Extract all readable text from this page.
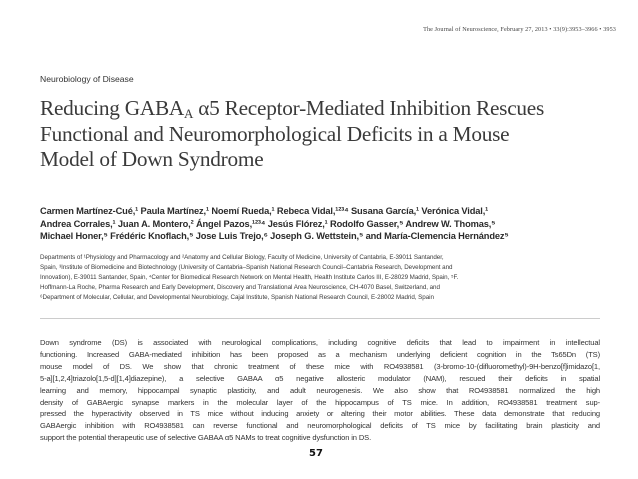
The Journal of Neuroscience, February 27, 2013 • 33(9):3953–3966 • 3953
Neurobiology of Disease
Reducing $GABA_A$ α5 Receptor-Mediated Inhibition Rescues
Functional and Neuromorphological Deficits in a Mouse
Model of Down Syndrome
Carmen Martínez-Cué,¹ Paula Martínez,¹ Noemí Rueda,¹ Rebeca Vidal,¹²³⁴ Susana García,¹ Verónica Vidal,¹
Andrea Corrales,¹ Juan A. Montero,² Ángel Pazos,¹²³⁴ Jesús Flórez,¹ Rodolfo Gasser,⁵ Andrew W. Thomas,⁵
Michael Honer,⁵ Frédéric Knoflach,⁵ Jose Luis Trejo,⁶ Joseph G. Wettstein,⁵ and María-Clemencia Hernández⁵
Departments of ¹Physiology and Pharmacology and ²Anatomy and Cellular Biology, Faculty of Medicine, University of Cantabria, E-39011 Santander,
Spain, ³Institute of Biomedicine and Biotechnology (University of Cantabria–Spanish National Research Council–Cantabria Research, Development and
Innovation), E-39011 Santander, Spain, ⁴Center for Biomedical Research Network on Mental Health, Health Institute Carlos III, E-28029 Madrid, Spain, ⁵F.
Hoffmann-La Roche, Pharma Research and Early Development, Discovery and Translational Area Neuroscience, CH-4070 Basel, Switzerland, and
⁶Department of Molecular, Cellular, and Developmental Neurobiology, Cajal Institute, Spanish National Research Council, E-28002 Madrid, Spain
Down syndrome (DS) is associated with neurological complications, including cognitive deficits that lead to impairment in intellectual
functioning. Increased GABA-mediated inhibition has been proposed as a mechanism underlying deficient cognition in the Ts65Dn (TS)
mouse model of DS. We show that chronic treatment of these mice with RO4938581 (3-bromo-10-(difluoromethyl)-9H-benzo[f]imidazo[1,
5-a][1,2,4]triazolo[1,5-d][1,4]diazepine), a selective GABAA α5 negative allosteric modulator (NAM), rescued their deficits in spatial
learning and memory, hippocampal synaptic plasticity, and adult neurogenesis. We also show that RO4938581 normalized the high
density of GABAergic synapse markers in the molecular layer of the hippocampus of TS mice. In addition, RO4938581 treatment sup-
pressed the hyperactivity observed in TS mice without inducing anxiety or altering their motor abilities. These data demonstrate that reducing
GABAergic inhibition with RO4938581 can reverse functional and neuromorphological deficits of TS mice by facilitating brain plasticity and
support the potential therapeutic use of selective GABAA α5 NAMs to treat cognitive dysfunction in DS.
57
